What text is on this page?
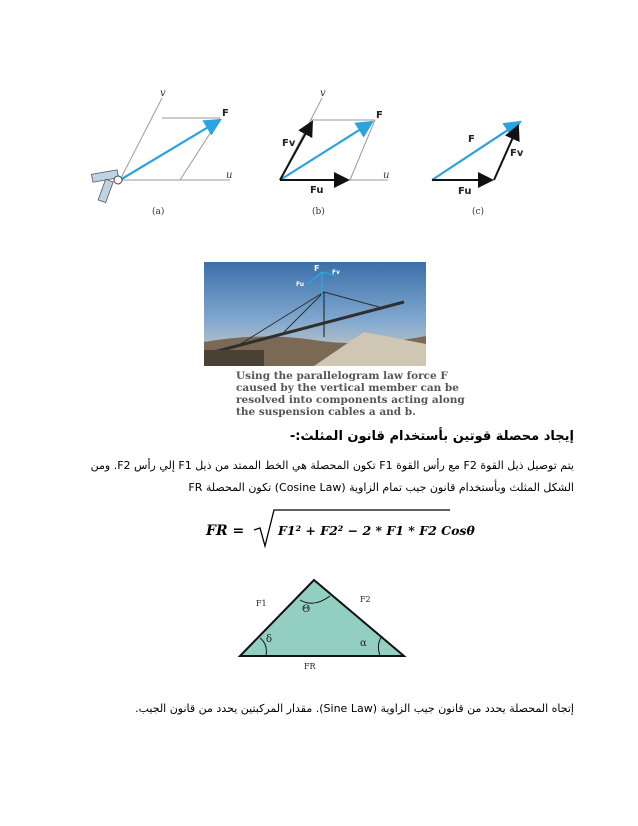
v
u
F
(a)
v
u
F
Fv
Fu
(b)
F
Fv
Fu
(c)
F Fv
Fu
Using the parallelogram law force F
caused by the vertical member can be
resolved into components acting along
the suspension cables a and b.
إيجاد محصلة قوتين بأستخدام قانون المثلث:-
يتم توصيل ذيل القوة F2 مع رأس القوة F1 تكون المحصلة هي الخط الممتد من ذيل F1 إلي رأس F2. ومن
الشكل المثلث وبأستخدام قانون جيب تمام الزاوية (Cosine Law) تكون المحصلة FR
FR =	F1² + F2² − 2 * F1 * F2 Cosθ
F1	F2
FR
Θ
δ	α
إتجاه المحصلة يحدد من قانون جيب الزاوية (Sine Law). مقدار المركبتين يحدد من قانون الجيب.
